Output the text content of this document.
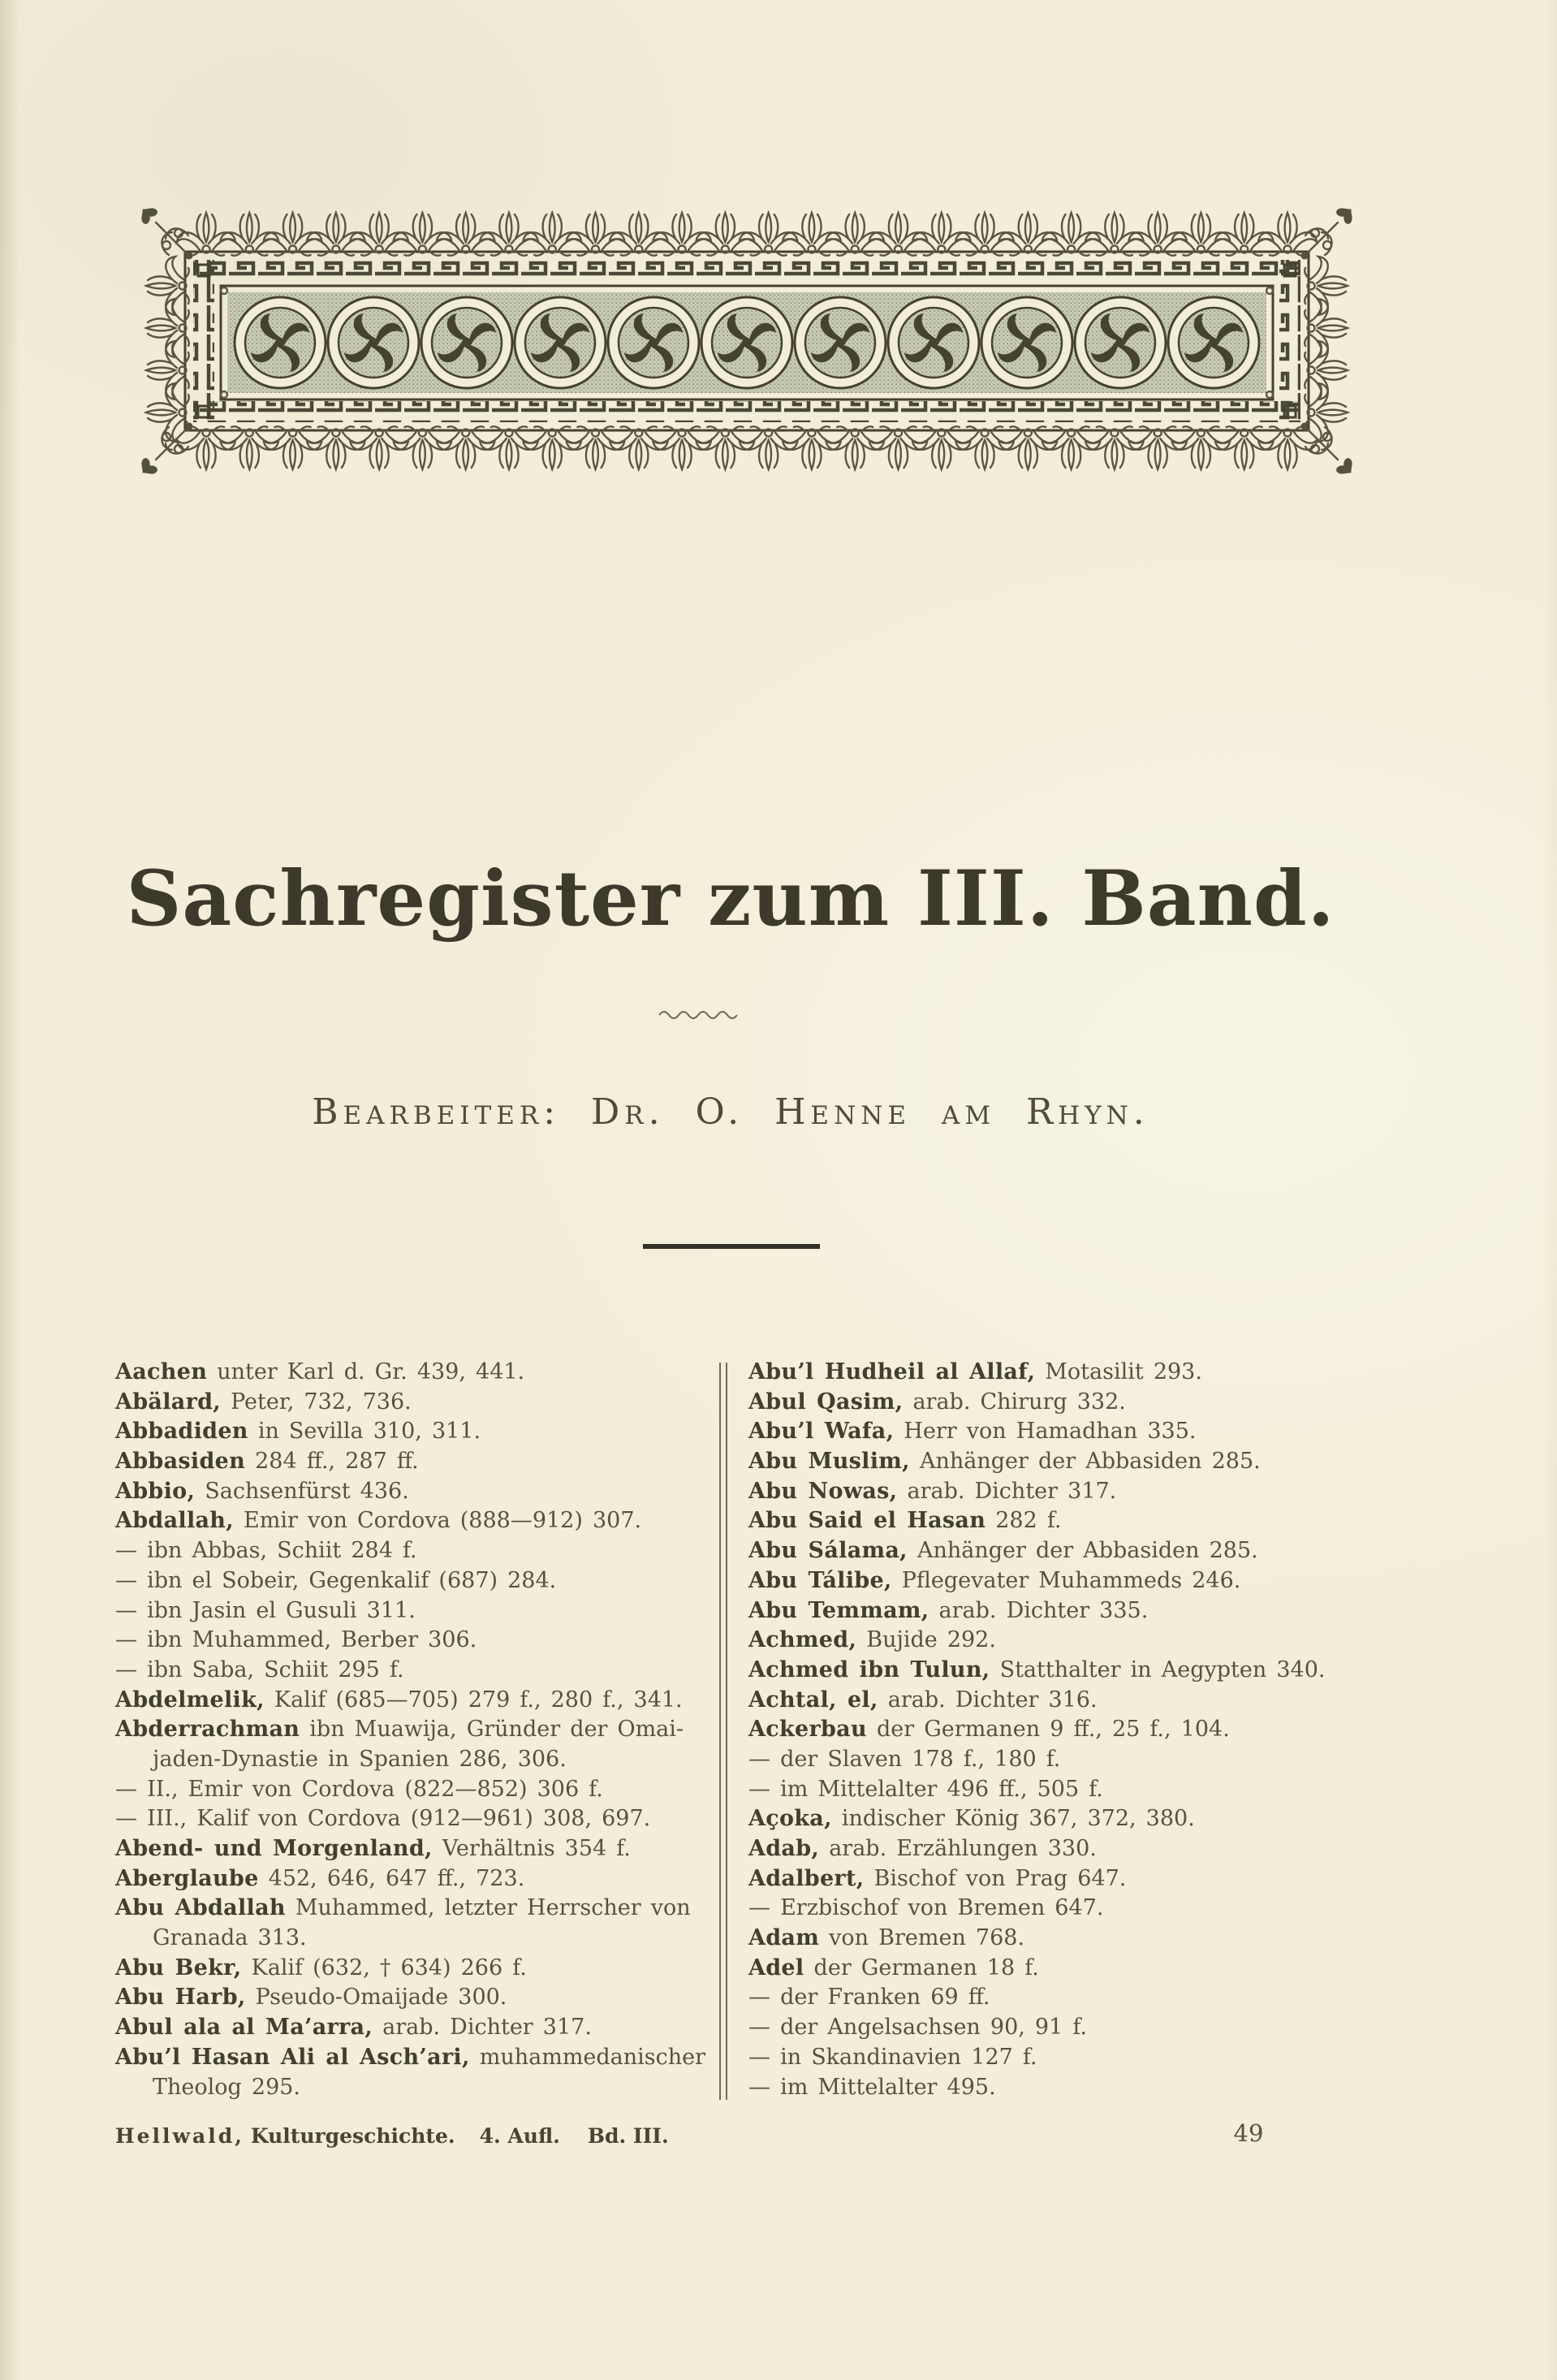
Sachregister zum III. Band.
Bearbeiter: Dr. O. Henne am Rhyn.

Aachen unter Karl d. Gr. 439, 441.

Abälard, Peter, 732, 736.

Abbadiden in Sevilla 310, 311.

Abbasiden 284 ff., 287 ff.

Abbio, Sachsenfürst 436.

Abdallah, Emir von Cordova (888—912) 307.

— ibn Abbas, Schiit 284 f.

— ibn el Sobeir, Gegenkalif (687) 284.

— ibn Jasin el Gusuli 311.

— ibn Muhammed, Berber 306.

— ibn Saba, Schiit 295 f.

Abdelmelik, Kalif (685—705) 279 f., 280 f., 341.

Abderrachman ibn Muawija, Gründer der Omai-

jaden-Dynastie in Spanien 286, 306.

— II., Emir von Cordova (822—852) 306 f.

— III., Kalif von Cordova (912—961) 308, 697.

Abend- und Morgenland, Verhältnis 354 f.

Aberglaube 452, 646, 647 ff., 723.

Abu Abdallah Muhammed, letzter Herrscher von

Granada 313.

Abu Bekr, Kalif (632, † 634) 266 f.

Abu Harb, Pseudo-Omaijade 300.

Abul ala al Ma’arra, arab. Dichter 317.

Abu’l Hasan Ali al Asch’ari, muhammedanischer

Theolog 295.

Abu’l Hudheil al Allaf, Motasilit 293.

Abul Qasim, arab. Chirurg 332.

Abu’l Wafa, Herr von Hamadhan 335.

Abu Muslim, Anhänger der Abbasiden 285.

Abu Nowas, arab. Dichter 317.

Abu Said el Hasan 282 f.

Abu Sálama, Anhänger der Abbasiden 285.

Abu Tálibe, Pflegevater Muhammeds 246.

Abu Temmam, arab. Dichter 335.

Achmed, Bujide 292.

Achmed ibn Tulun, Statthalter in Aegypten 340.

Achtal, el, arab. Dichter 316.

Ackerbau der Germanen 9 ff., 25 f., 104.

— der Slaven 178 f., 180 f.

— im Mittelalter 496 ff., 505 f.

Açoka, indischer König 367, 372, 380.

Adab, arab. Erzählungen 330.

Adalbert, Bischof von Prag 647.

— Erzbischof von Bremen 647.

Adam von Bremen 768.

Adel der Germanen 18 f.

— der Franken 69 ff.

— der Angelsachsen 90, 91 f.

— in Skandinavien 127 f.

— im Mittelalter 495.

Hellwald, Kulturgeschichte. 4. Aufl. Bd. III.	49
